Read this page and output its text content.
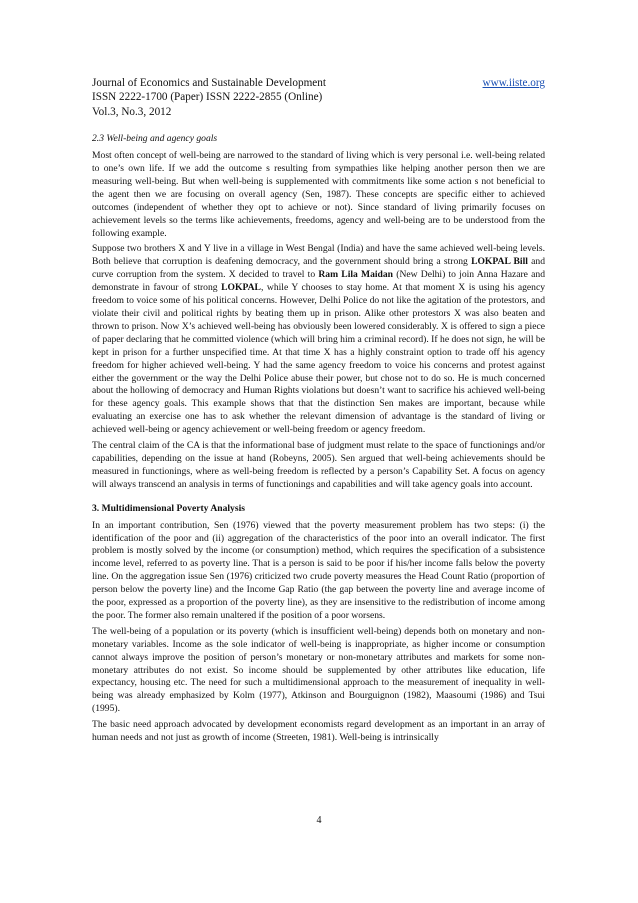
Journal of Economics and Sustainable Development	www.iiste.org
ISSN 2222-1700 (Paper) ISSN 2222-2855 (Online)
Vol.3, No.3, 2012
2.3 Well-being and agency goals

Most often concept of well-being are narrowed to the standard of living which is very personal i.e. well-being related to one’s own life. If we add the outcome s resulting from sympathies like helping another person then we are measuring well-being. But when well-being is supplemented with commitments like some action s not beneficial to the agent then we are focusing on overall agency (Sen, 1987). These concepts are specific either to achieved outcomes (independent of whether they opt to achieve or not). Since standard of living primarily focuses on achievement levels so the terms like achievements, freedoms, agency and well-being are to be understood from the following example.

Suppose two brothers X and Y live in a village in West Bengal (India) and have the same achieved well-being levels. Both believe that corruption is deafening democracy, and the government should bring a strong LOKPAL Bill and curve corruption from the system. X decided to travel to Ram Lila Maidan (New Delhi) to join Anna Hazare and demonstrate in favour of strong LOKPAL, while Y chooses to stay home. At that moment X is using his agency freedom to voice some of his political concerns. However, Delhi Police do not like the agitation of the protestors, and violate their civil and political rights by beating them up in prison. Alike other protestors X was also beaten and thrown to prison. Now X’s achieved well-being has obviously been lowered considerably. X is offered to sign a piece of paper declaring that he committed violence (which will bring him a criminal record). If he does not sign, he will be kept in prison for a further unspecified time. At that time X has a highly constraint option to trade off his agency freedom for higher achieved well-being. Y had the same agency freedom to voice his concerns and protest against either the government or the way the Delhi Police abuse their power, but chose not to do so. He is much concerned about the hollowing of democracy and Human Rights violations but doesn’t want to sacrifice his achieved well-being for these agency goals. This example shows that that the distinction Sen makes are important, because while evaluating an exercise one has to ask whether the relevant dimension of advantage is the standard of living or achieved well-being or agency achievement or well-being freedom or agency freedom.

The central claim of the CA is that the informational base of judgment must relate to the space of functionings and/or capabilities, depending on the issue at hand (Robeyns, 2005). Sen argued that well-being achievements should be measured in functionings, where as well-being freedom is reflected by a person’s Capability Set. A focus on agency will always transcend an analysis in terms of functionings and capabilities and will take agency goals into account.

3. Multidimensional Poverty Analysis

In an important contribution, Sen (1976) viewed that the poverty measurement problem has two steps: (i) the identification of the poor and (ii) aggregation of the characteristics of the poor into an overall indicator. The first problem is mostly solved by the income (or consumption) method, which requires the specification of a subsistence income level, referred to as poverty line. That is a person is said to be poor if his/her income falls below the poverty line. On the aggregation issue Sen (1976) criticized two crude poverty measures the Head Count Ratio (proportion of person below the poverty line) and the Income Gap Ratio (the gap between the poverty line and average income of the poor, expressed as a proportion of the poverty line), as they are insensitive to the redistribution of income among the poor. The former also remain unaltered if the position of a poor worsens.

The well-being of a population or its poverty (which is insufficient well-being) depends both on monetary and non-monetary variables. Income as the sole indicator of well-being is inappropriate, as higher income or consumption cannot always improve the position of person’s monetary or non-monetary attributes and markets for some non-monetary attributes do not exist. So income should be supplemented by other attributes like education, life expectancy, housing etc. The need for such a multidimensional approach to the measurement of inequality in well-being was already emphasized by Kolm (1977), Atkinson and Bourguignon (1982), Maasoumi (1986) and Tsui (1995).

The basic need approach advocated by development economists regard development as an important in an array of human needs and not just as growth of income (Streeten, 1981). Well-being is intrinsically

4
